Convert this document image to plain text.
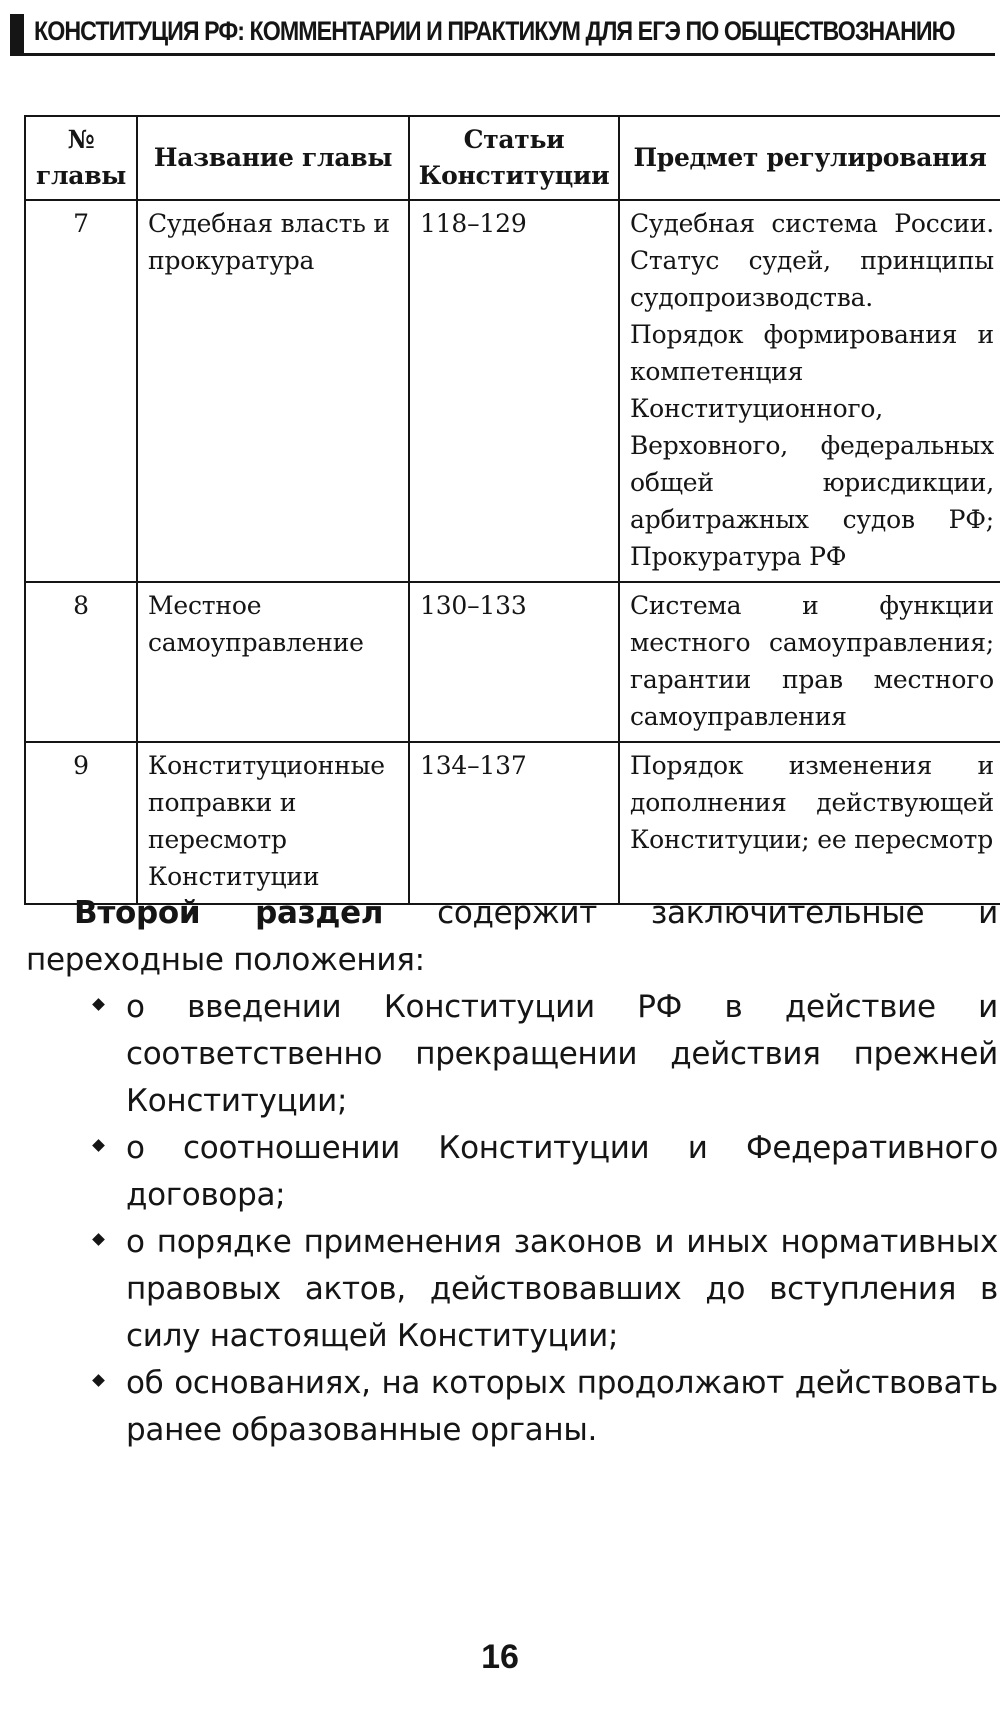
КОНСТИТУЦИЯ РФ: КОММЕНТАРИИ И ПРАКТИКУМ ДЛЯ ЕГЭ ПО ОБЩЕСТВОЗНАНИЮ
№ главы	Название главы	Статьи Конституции	Предмет регулирования

7	Судебная власть и прокуратура	118–129	Судебная система России. Статус судей, принципы судопроизводства. Порядок формирования и компетенция Конституционного, Верховного, федеральных общей юрисдикции, арбитражных судов РФ; Прокуратура РФ

8	Местное самоуправление	130–133	Система и функции местного самоуправления; гарантии прав местного самоуправления

9	Конституционные поправки и пересмотр Конституции	134–137	Порядок изменения и дополнения действующей Конституции; ее пересмотр

Второй раздел содержит заключительные и переходные положения:

о введении Конституции РФ в действие и соответственно прекращении действия прежней Конституции;
о соотношении Конституции и Федеративного договора;
о порядке применения законов и иных нормативных правовых актов, действовавших до вступления в силу настоящей Конституции;
об основаниях, на которых продолжают действовать ранее образованные органы.
16
